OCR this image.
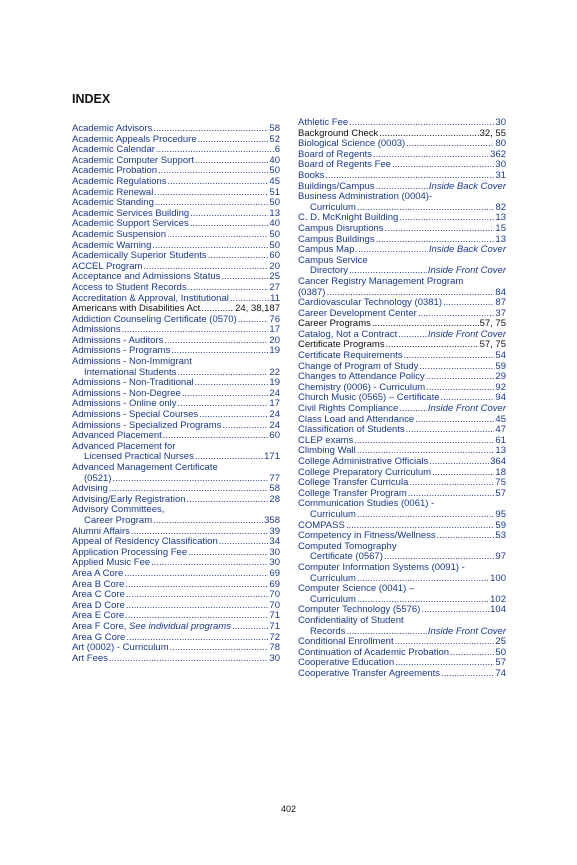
INDEX
Academic Advisors .....	58
Academic Appeals Procedure .....	52
Academic Calendar .....	6
Academic Computer Support .....	40
Academic Probation .....	50
Academic Regulations .....	45
Academic Renewal .....	51
Academic Standing .....	50
Academic Services Building .....	13
Academic Support Services .....	40
Academic Suspension .....	50
Academic Warning .....	50
Academically Superior Students .....	60
ACCEL Program .....	20
Acceptance and Admissions Status .....	25
Access to Student Records .....	27
Accreditation & Approval, Institutional .....	11
Americans with Disabilities Act .....	24, 38,187
Addiction Counseling Certificate (0570) .....	76
Admissions .....	17
Admissions - Auditors .....	20
Admissions - Programs .....	19
Admissions - Non-Immigrant
International Students .....	22
Admissions - Non-Traditional .....	19
Admissions - Non-Degree .....	24
Admissions - Online only .....	17
Admissions - Special Courses .....	24
Admissions - Specialized Programs .....	24
Advanced Placement .....	60
Advanced Placement for
Licensed Practical Nurses .....	171
Advanced Management Certificate
(0521) .....	77
Advising .....	58
Advising/Early Registration .....	28
Advisory Committees,
Career Program .....	358
Alumni Affairs .....	39
Appeal of Residency Classification .....	34
Application Processing Fee .....	30
Applied Music Fee .....	30
Area A Core .....	69
Area B Core .....	69
Area C Core .....	70
Area D Core .....	70
Area E Core .....	71
Area F Core, See individual programs .....	71
Area G Core .....	72
Art (0002) - Curriculum .....	78
Art Fees .....	30
Athletic Fee .....	30
Background Check .....	32, 55
Biological Science (0003) .....	80
Board of Regents .....	362
Board of Regents Fee .....	30
Books .....	31
Buildings/Campus .....	Inside Back Cover
Business Administration (0004)-
Curriculum .....	82
C. D. McKnight Building .....	13
Campus Disruptions .....	15
Campus Buildings .....	13
Campus Map .....	Inside Back Cover
Campus Service
Directory .....	Inside Front Cover
Cancer Registry Management Program
(0387) .....	84
Cardiovascular Technology (0381) .....	87
Career Development Center .....	37
Career Programs .....	57, 75
Catalog, Not a Contract .....	Inside Front Cover
Certificate Programs .....	57, 75
Certificate Requirements .....	54
Change of Program of Study .....	59
Changes to Attendance Policy .....	29
Chemistry (0006) - Curriculum .....	92
Church Music (0565) – Certificate .....	94
Civil Rights Compliance .....	Inside Front Cover
Class Load and Attendance .....	45
Classification of Students .....	47
CLEP exams .....	61
Climbing Wall .....	13
College Administrative Officials .....	364
College Preparatory Curriculum .....	18
College Transfer Curricula .....	75
College Transfer Program .....	57
Communication Studies (0061) -
Curriculum .....	95
COMPASS .....	59
Competency in Fitness/Wellness .....	53
Computed Tomography
Certificate (0567) .....	97
Computer Information Systems (0091) -
Curriculum .....	100
Computer Science (0041) –
Curriculum .....	102
Computer Technology (5576) .....	104
Confidentiality of Student
Records .....	Inside Front Cover
Conditional Enrollment .....	25
Continuation of Academic Probation .....	50
Cooperative Education .....	57
Cooperative Transfer Agreements .....	74
402
